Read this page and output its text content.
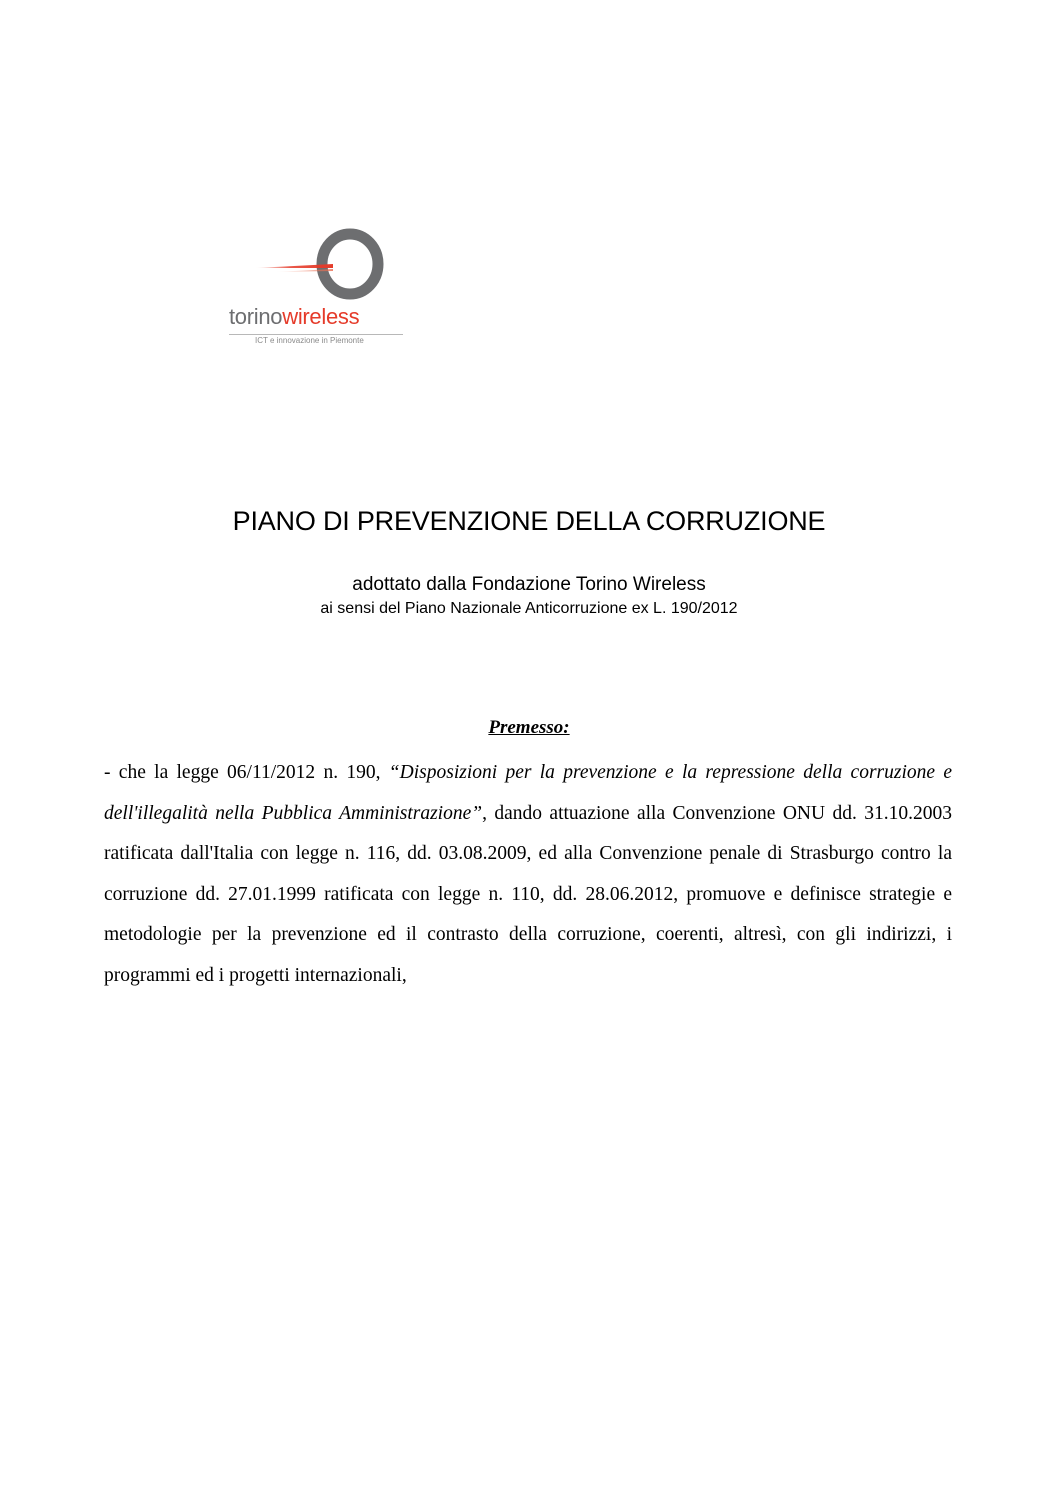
torinowireless
ICT e innovazione in Piemonte
PIANO DI PREVENZIONE DELLA CORRUZIONE

adottato dalla Fondazione Torino Wireless

ai sensi del Piano Nazionale Anticorruzione ex L. 190/2012

Premesso:

- che la legge 06/11/2012 n. 190, “Disposizioni per la prevenzione e la repressione della corruzione e dell'illegalità nella Pubblica Amministrazione”, dando attuazione alla Convenzione ONU dd. 31.10.2003 ratificata dall'Italia con legge n. 116, dd. 03.08.2009, ed alla Convenzione penale di Strasburgo contro la corruzione dd. 27.01.1999 ratificata con legge n. 110, dd. 28.06.2012, promuove e definisce strategie e metodologie per la prevenzione ed il contrasto della corruzione, coerenti, altresì, con gli indirizzi, i programmi ed i progetti internazionali,
